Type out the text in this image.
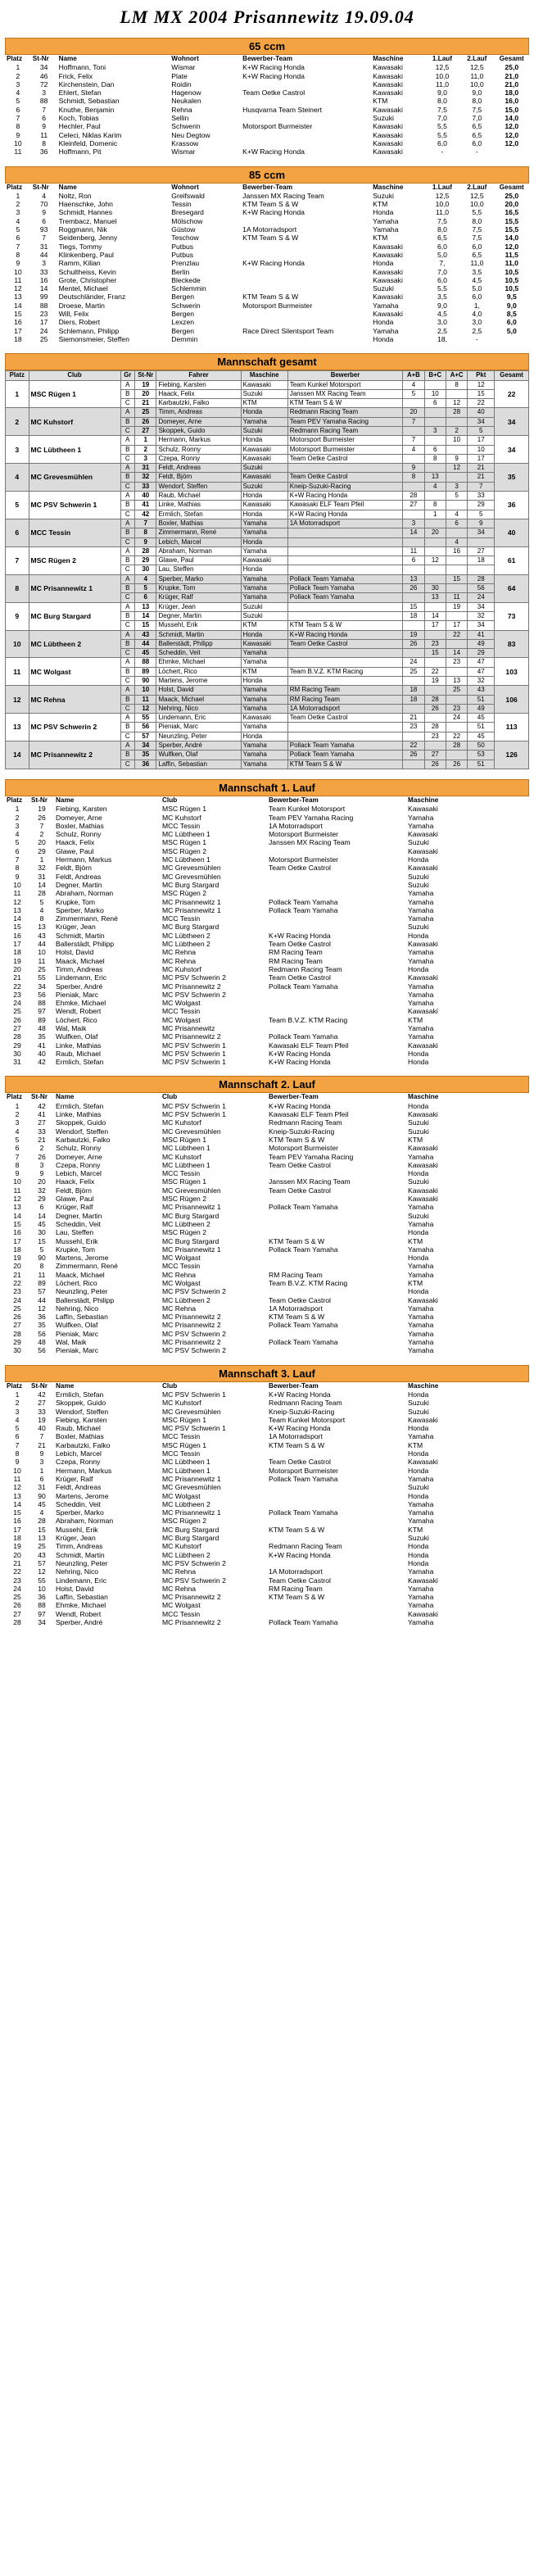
LM MX 2004 Prisannewitz 19.09.04
65 ccm
Platz	St-Nr	Name	Wohnort	Bewerber-Team	Maschine	1.Lauf	2.Lauf	Gesamt
1	34	Hoffmann, Toni	Wismar	K+W Racing Honda	Kawasaki	12,5	12,5	25,0
2	46	Frick, Felix	Plate	K+W Racing Honda	Kawasaki	10,0	11,0	21,0
3	72	Kirchenstein, Dan	Roidin		Kawasaki	11,0	10,0	21,0
4	3	Ehlert, Stefan	Hagenow	Team Oetke Castrol	Kawasaki	9,0	9,0	18,0
5	88	Schmidt, Sebastian	Neukalen		KTM	8,0	8,0	16,0
6	7	Knuthe, Benjamin	Rehna	Husqvarna Team Steinert	Kawasaki	7,5	7,5	15,0
7	6	Koch, Tobias	Sellin		Suzuki	7,0	7,0	14,0
8	9	Hechler, Paul	Schwerin	Motorsport Burmeister	Kawasaki	5,5	6,5	12,0
9	11	Celeci, Niklas Karim	Neu Degtow		Kawasaki	5,5	6,5	12,0
10	8	Kleinfeld, Domenic	Krassow		Kawasaki	6,0	6,0	12,0
11	36	Hoffmann, Pit	Wismar	K+W Racing Honda	Kawasaki	-	-	
85 ccm
Platz	St-Nr	Name	Wohnort	Bewerber-Team	Maschine	1.Lauf	2.Lauf	Gesamt
1	4	Noltz, Ron	Greifswald	Janssen MX Racing Team	Suzuki	12,5	12,5	25,0
2	70	Haenschke, John	Tessin	KTM Team S & W	KTM	10,0	10,0	20,0
3	9	Schmidt, Hannes	Bresegard	K+W Racing Honda	Honda	11,0	5,5	16,5
4	6	Trembacz, Manuel	Mölschow		Yamaha	7,5	8,0	15,5
5	93	Roggmann, Nik	Güstow	1A Motorradsport	Yamaha	8,0	7,5	15,5
6	7	Seidenberg, Jenny	Teschow	KTM Team S & W	KTM	6,5	7,5	14,0
7	31	Tiegs, Tommy	Putbus		Kawasaki	6,0	6,0	12,0
8	44	Klinkenberg, Paul	Putbus		Kawasaki	5,0	6,5	11,5
9	3	Ramm, Kilian	Prenzlau	K+W Racing Honda	Honda	7,	11,0	11,0
10	33	Schultheiss, Kevin	Berlin		Kawasaki	7,0	3,5	10,5
11	16	Grote, Christopher	Bleckede		Kawasaki	6,0	4,5	10,5
12	14	Mentel, Michael	Schlemmin		Suzuki	5,5	5,0	10,5
13	99	Deutschländer, Franz	Bergen	KTM Team S & W	Kawasaki	3,5	6,0	9,5
14	88	Droese, Martin	Schwerin	Motorsport Burmeister	Yamaha	9,0	1,	9,0
15	23	Will, Felix	Bergen		Kawasaki	4,5	4,0	8,5
16	17	Diers, Robert	Lexzen		Honda	3,0	3,0	6,0
17	24	Schlemann, Philipp	Bergen	Race Direct Silentsport Team	Yamaha	2,5	2,5	5,0
18	25	Siemonsmeier, Steffen	Demmin		Honda	18,	-	
Mannschaft gesamt
Platz	Club	Gr	St-Nr	Fahrer	Maschine	Bewerber	A+B	B+C	A+C	Pkt	Gesamt
1	MSC Rügen 1	A	19	Fiebing, Karsten	Kawasaki	Team Kunkel Motorsport	4		8	12	22
		B	20	Haack, Felix	Suzuki	Janssen MX Racing Team	5	10		15	
		C	21	Karbautzki, Falko	KTM	KTM Team S & W		6	12	22	
2	MC Kuhstorf	A	25	Timm, Andreas	Honda	Redmann Racing Team	20		28	40	34
		B	26	Domeyer, Arne	Yamaha	Team PEV Yamaha Racing	7			34	
		C	27	Skoppek, Guido	Suzuki	Redmann Racing Team		3	2	5	
3	MC Lübtheen 1	A	1	Hermann, Markus	Honda	Motorsport Burmeister	7		10	17	34
		B	2	Schulz, Ronny	Kawasaki	Motorsport Burmeister	4	6		10	
		C	3	Czepa, Ronny	Kawasaki	Team Oetke Castrol		8	9	17	
4	MC Grevesmühlen	A	31	Feldt, Andreas	Suzuki		9		12	21	35
		B	32	Feldt, Björn	Kawasaki	Team Oetke Castrol	8	13		21	
		C	33	Wendorf, Steffen	Suzuki	Kneip-Suzuki-Racing		4	3	7	
5	MC PSV Schwerin 1	A	40	Raub, Michael	Honda	K+W Racing Honda	28		5	33	36
		B	41	Linke, Mathias	Kawasaki	Kawasaki ELF Team Pfeil	27	8		29	
		C	42	Ermlich, Stefan	Honda	K+W Racing Honda		1	4	5	
6	MCC Tessin	A	7	Boxler, Mathias	Yamaha	1A Motorradsport	3		6	9	40
		B	8	Zimmermann, René	Yamaha		14	20		34	
		C	9	Lebich, Marcel	Honda				4		
7	MSC Rügen 2	A	28	Abraham, Norman	Yamaha		11		16	27	61
		B	29	Glawe, Paul	Kawasaki		6	12		18	
		C	30	Lau, Steffen	Honda						
8	MC Prisannewitz 1	A	4	Sperber, Marko	Yamaha	Pollack Team Yamaha	13		15	28	64
		B	5	Krupke, Tom	Yamaha	Pollack Team Yamaha	26	30		56	
		C	6	Krüger, Ralf	Yamaha	Pollack Team Yamaha		13	11	24	
9	MC Burg Stargard	A	13	Krüger, Jean	Suzuki		15		19	34	73
		B	14	Degner, Martin	Suzuki		18	14		32	
		C	15	Mussehl, Erik	KTM	KTM Team S & W		17	17	34	
10	MC Lübtheen 2	A	43	Schmidt, Martin	Honda	K+W Racing Honda	19		22	41	83
		B	44	Ballerstädt, Philipp	Kawasaki	Team Oetke Castrol	26	23		49	
		C	45	Scheddin, Veit	Yamaha			15	14	29	
11	MC Wolgast	A	88	Ehmke, Michael	Yamaha		24		23	47	103
		B	89	Löchert, Rico	KTM	Team B.V.Z. KTM Racing	25	22		47	
		C	90	Martens, Jerome	Honda			19	13	32	
12	MC Rehna	A	10	Holst, David	Yamaha	RM Racing Team	18		25	43	106
		B	11	Maack, Michael	Yamaha	RM Racing Team	18	28		51	
		C	12	Nehring, Nico	Yamaha	1A Motorradsport		26	23	49	
13	MC PSV Schwerin 2	A	55	Lindemann, Eric	Kawasaki	Team Oetke Castrol	21		24	45	113
		B	56	Pieniak, Marc	Yamaha		23	28		51	
		C	57	Neunzling, Peter	Honda			23	22	45	
14	MC Prisannewitz 2	A	34	Sperber, André	Yamaha	Pollack Team Yamaha	22		28	50	126
		B	35	Wulfken, Olaf	Yamaha	Pollack Team Yamaha	26	27		53	
		C	36	Laffin, Sebastian	Yamaha	KTM Team S & W		26	26	51	
Mannschaft 1. Lauf
Platz	St-Nr	Name	Club	Bewerber-Team	Maschine
1	19	Fiebing, Karsten	MSC Rügen 1	Team Kunkel Motorsport	Kawasaki
2	26	Domeyer, Arne	MC Kuhstorf	Team PEV Yamaha Racing	Yamaha
3	7	Boxler, Mathias	MCC Tessin	1A Motorradsport	Yamaha
4	2	Schulz, Ronny	MC Lübtheen 1	Motorsport Burmeister	Kawasaki
5	20	Haack, Felix	MSC Rügen 1	Janssen MX Racing Team	Suzuki
6	29	Glawe, Paul	MSC Rügen 2		Kawasaki
7	1	Hermann, Markus	MC Lübtheen 1	Motorsport Burmeister	Honda
8	32	Feldt, Björn	MC Grevesmühlen	Team Oetke Castrol	Kawasaki
9	31	Feldt, Andreas	MC Grevesmühlen		Suzuki
10	14	Degner, Martin	MC Burg Stargard		Suzuki
11	28	Abraham, Norman	MSC Rügen 2		Yamaha
12	5	Krupke, Tom	MC Prisannewitz 1	Pollack Team Yamaha	Yamaha
13	4	Sperber, Marko	MC Prisannewitz 1	Pollack Team Yamaha	Yamaha
14	8	Zimmermann, René	MCC Tessin		Yamaha
15	13	Krüger, Jean	MC Burg Stargard		Suzuki
16	43	Schmidt, Martin	MC Lübtheen 2	K+W Racing Honda	Honda
17	44	Ballerstädt, Philipp	MC Lübtheen 2	Team Oetke Castrol	Kawasaki
18	10	Holst, David	MC Rehna	RM Racing Team	Yamaha
19	11	Maack, Michael	MC Rehna	RM Racing Team	Yamaha
20	25	Timm, Andreas	MC Kuhstorf	Redmann Racing Team	Honda
21	55	Lindemann, Eric	MC PSV Schwerin 2	Team Oetke Castrol	Kawasaki
22	34	Sperber, André	MC Prisannewitz 2	Pollack Team Yamaha	Yamaha
23	56	Pieniak, Marc	MC PSV Schwerin 2		Yamaha
24	88	Ehmke, Michael	MC Wolgast		Yamaha
25	97	Wendt, Robert	MCC Tessin		Kawasaki
26	89	Löchert, Rico	MC Wolgast	Team B.V.Z. KTM Racing	KTM
27	48	Wal, Maik	MC Prisannewitz		Yamaha
28	35	Wulfken, Olaf	MC Prisannewitz 2	Pollack Team Yamaha	Yamaha
29	41	Linke, Mathias	MC PSV Schwerin 1	Kawasaki ELF Team Pfeil	Kawasaki
30	40	Raub, Michael	MC PSV Schwerin 1	K+W Racing Honda	Honda
31	42	Ermlich, Stefan	MC PSV Schwerin 1	K+W Racing Honda	Honda
Mannschaft 2. Lauf
Platz	St-Nr	Name	Club	Bewerber-Team	Maschine
1	42	Ermlich, Stefan	MC PSV Schwerin 1	K+W Racing Honda	Honda
2	41	Linke, Mathias	MC PSV Schwerin 1	Kawasaki ELF Team Pfeil	Kawasaki
3	27	Skoppek, Guido	MC Kuhstorf	Redmann Racing Team	Suzuki
4	33	Wendorf, Steffen	MC Grevesmühlen	Kneip-Suzuki-Racing	Suzuki
5	21	Karbautzki, Falko	MSC Rügen 1	KTM Team S & W	KTM
6	2	Schulz, Ronny	MC Lübtheen 1	Motorsport Burmeister	Kawasaki
7	26	Domeyer, Arne	MC Kuhstorf	Team PEV Yamaha Racing	Yamaha
8	3	Czepa, Ronny	MC Lübtheen 1	Team Oetke Castrol	Kawasaki
9	9	Lebich, Marcel	MCC Tessin		Honda
10	20	Haack, Felix	MSC Rügen 1	Janssen MX Racing Team	Suzuki
11	32	Feldt, Björn	MC Grevesmühlen	Team Oetke Castrol	Kawasaki
12	29	Glawe, Paul	MSC Rügen 2		Kawasaki
13	6	Krüger, Ralf	MC Prisannewitz 1	Pollack Team Yamaha	Yamaha
14	14	Degner, Martin	MC Burg Stargard		Suzuki
15	45	Scheddin, Veit	MC Lübtheen 2		Yamaha
16	30	Lau, Steffen	MSC Rügen 2		Honda
17	15	Mussehl, Erik	MC Burg Stargard	KTM Team S & W	KTM
18	5	Krupke, Tom	MC Prisannewitz 1	Pollack Team Yamaha	Yamaha
19	90	Martens, Jerome	MC Wolgast		Honda
20	8	Zimmermann, René	MCC Tessin		Yamaha
21	11	Maack, Michael	MC Rehna	RM Racing Team	Yamaha
22	89	Löchert, Rico	MC Wolgast	Team B.V.Z. KTM Racing	KTM
23	57	Neunzling, Peter	MC PSV Schwerin 2		Honda
24	44	Ballerstädt, Philipp	MC Lübtheen 2	Team Oetke Castrol	Kawasaki
25	12	Nehring, Nico	MC Rehna	1A Motorradsport	Yamaha
26	36	Laffin, Sebastian	MC Prisannewitz 2	KTM Team S & W	Yamaha
27	35	Wulfken, Olaf	MC Prisannewitz 2	Pollack Team Yamaha	Yamaha
28	56	Pieniak, Marc	MC PSV Schwerin 2		Yamaha
29	48	Wal, Maik	MC Prisannewitz 2	Pollack Team Yamaha	Yamaha
30	56	Pieniak, Marc	MC PSV Schwerin 2		Yamaha
Mannschaft 3. Lauf
Platz	St-Nr	Name	Club	Bewerber-Team	Maschine
1	42	Ermlich, Stefan	MC PSV Schwerin 1	K+W Racing Honda	Honda
2	27	Skoppek, Guido	MC Kuhstorf	Redmann Racing Team	Suzuki
3	33	Wendorf, Steffen	MC Grevesmühlen	Kneip-Suzuki-Racing	Suzuki
4	19	Fiebing, Karsten	MSC Rügen 1	Team Kunkel Motorsport	Kawasaki
5	40	Raub, Michael	MC PSV Schwerin 1	K+W Racing Honda	Honda
6	7	Boxler, Mathias	MCC Tessin	1A Motorradsport	Yamaha
7	21	Karbautzki, Falko	MSC Rügen 1	KTM Team S & W	KTM
8	9	Lebich, Marcel	MCC Tessin		Honda
9	3	Czepa, Ronny	MC Lübtheen 1	Team Oetke Castrol	Kawasaki
10	1	Hermann, Markus	MC Lübtheen 1	Motorsport Burmeister	Honda
11	6	Krüger, Ralf	MC Prisannewitz 1	Pollack Team Yamaha	Yamaha
12	31	Feldt, Andreas	MC Grevesmühlen		Suzuki
13	90	Martens, Jerome	MC Wolgast		Honda
14	45	Scheddin, Veit	MC Lübtheen 2		Yamaha
15	4	Sperber, Marko	MC Prisannewitz 1	Pollack Team Yamaha	Yamaha
16	28	Abraham, Norman	MSC Rügen 2		Yamaha
17	15	Mussehl, Erik	MC Burg Stargard	KTM Team S & W	KTM
18	13	Krüger, Jean	MC Burg Stargard		Suzuki
19	25	Timm, Andreas	MC Kuhstorf	Redmann Racing Team	Honda
20	43	Schmidt, Martin	MC Lübtheen 2	K+W Racing Honda	Honda
21	57	Neunzling, Peter	MC PSV Schwerin 2		Honda
22	12	Nehring, Nico	MC Rehna	1A Motorradsport	Yamaha
23	55	Lindemann, Eric	MC PSV Schwerin 2	Team Oetke Castrol	Kawasaki
24	10	Holst, David	MC Rehna	RM Racing Team	Yamaha
25	36	Laffin, Sebastian	MC Prisannewitz 2	KTM Team S & W	Yamaha
26	88	Ehmke, Michael	MC Wolgast		Yamaha
27	97	Wendt, Robert	MCC Tessin		Kawasaki
28	34	Sperber, André	MC Prisannewitz 2	Pollack Team Yamaha	Yamaha
